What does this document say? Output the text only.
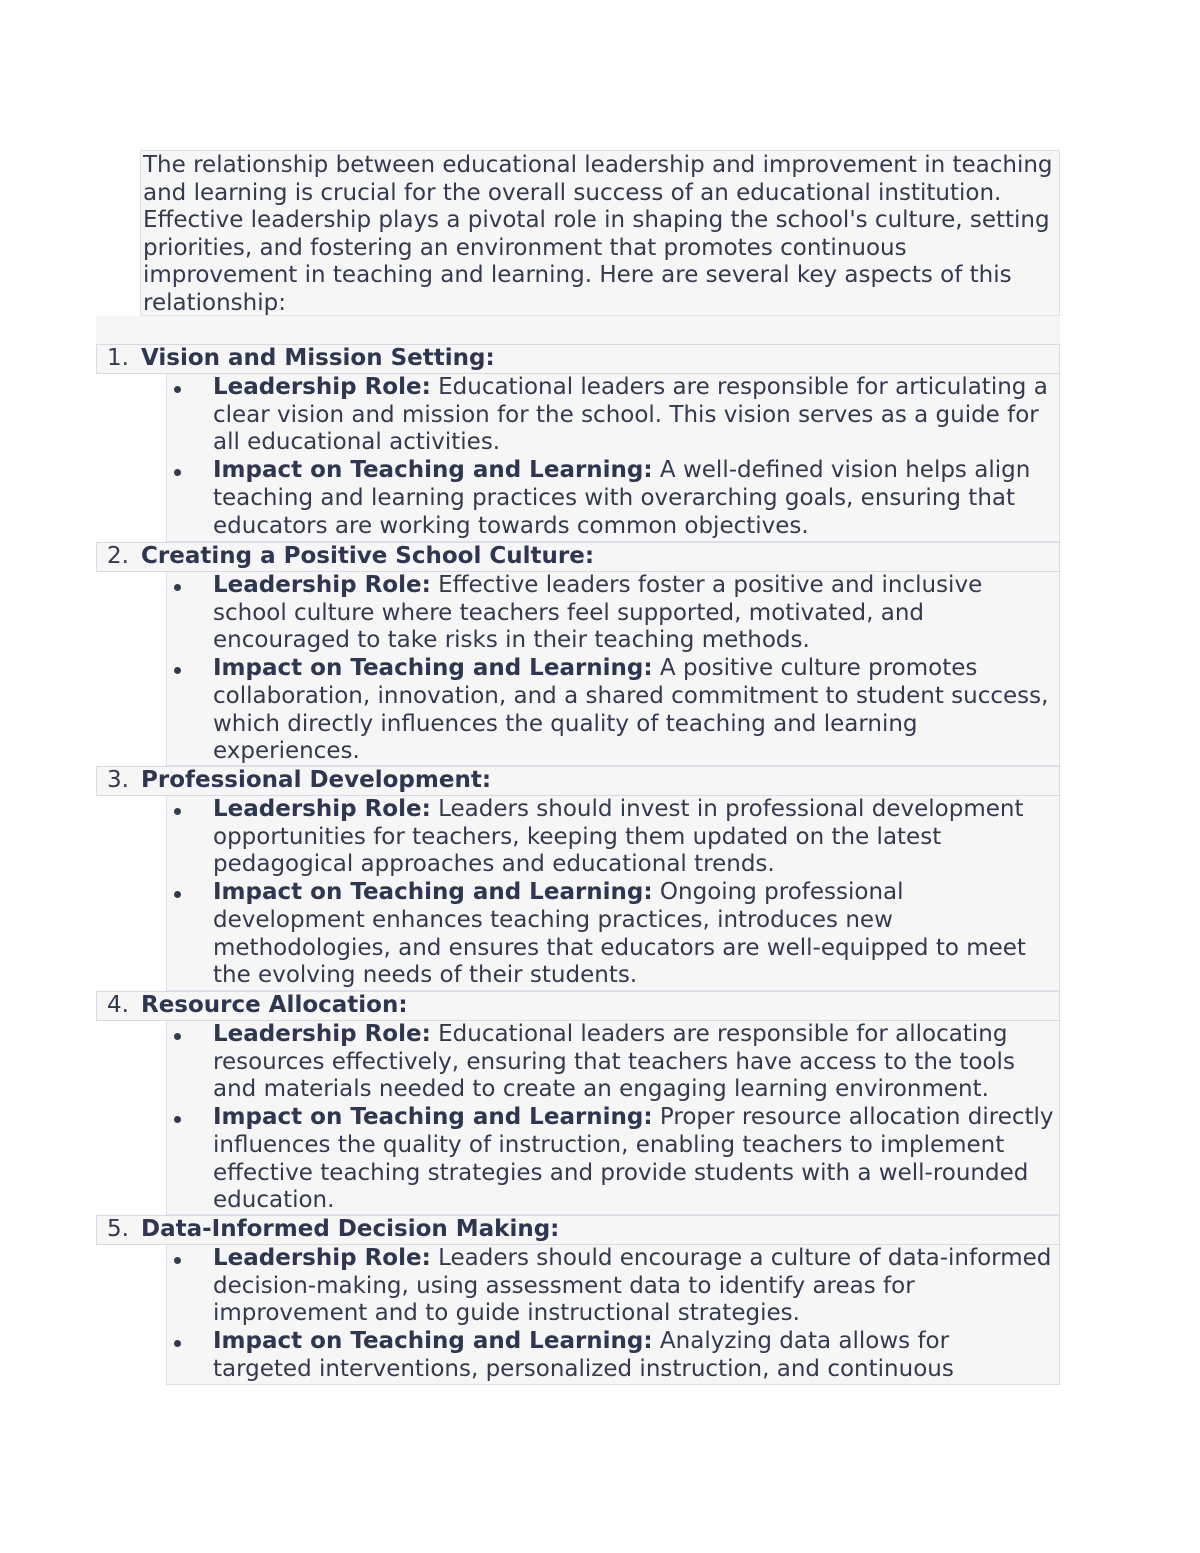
The relationship between educational leadership and improvement in teaching and learning is crucial for the overall success of an educational institution. Effective leadership plays a pivotal role in shaping the school's culture, setting priorities, and fostering an environment that promotes continuous improvement in teaching and learning. Here are several key aspects of this relationship:
1. Vision and Mission Setting:
Leadership Role: Educational leaders are responsible for articulating a clear vision and mission for the school. This vision serves as a guide for all educational activities.
Impact on Teaching and Learning: A well-defined vision helps align teaching and learning practices with overarching goals, ensuring that educators are working towards common objectives.
2. Creating a Positive School Culture:
Leadership Role: Effective leaders foster a positive and inclusive school culture where teachers feel supported, motivated, and encouraged to take risks in their teaching methods.
Impact on Teaching and Learning: A positive culture promotes collaboration, innovation, and a shared commitment to student success, which directly influences the quality of teaching and learning experiences.
3. Professional Development:
Leadership Role: Leaders should invest in professional development opportunities for teachers, keeping them updated on the latest pedagogical approaches and educational trends.
Impact on Teaching and Learning: Ongoing professional development enhances teaching practices, introduces new methodologies, and ensures that educators are well-equipped to meet the evolving needs of their students.
4. Resource Allocation:
Leadership Role: Educational leaders are responsible for allocating resources effectively, ensuring that teachers have access to the tools and materials needed to create an engaging learning environment.
Impact on Teaching and Learning: Proper resource allocation directly influences the quality of instruction, enabling teachers to implement effective teaching strategies and provide students with a well-rounded education.
5. Data-Informed Decision Making:
Leadership Role: Leaders should encourage a culture of data-informed decision-making, using assessment data to identify areas for improvement and to guide instructional strategies.
Impact on Teaching and Learning: Analyzing data allows for targeted interventions, personalized instruction, and continuous
